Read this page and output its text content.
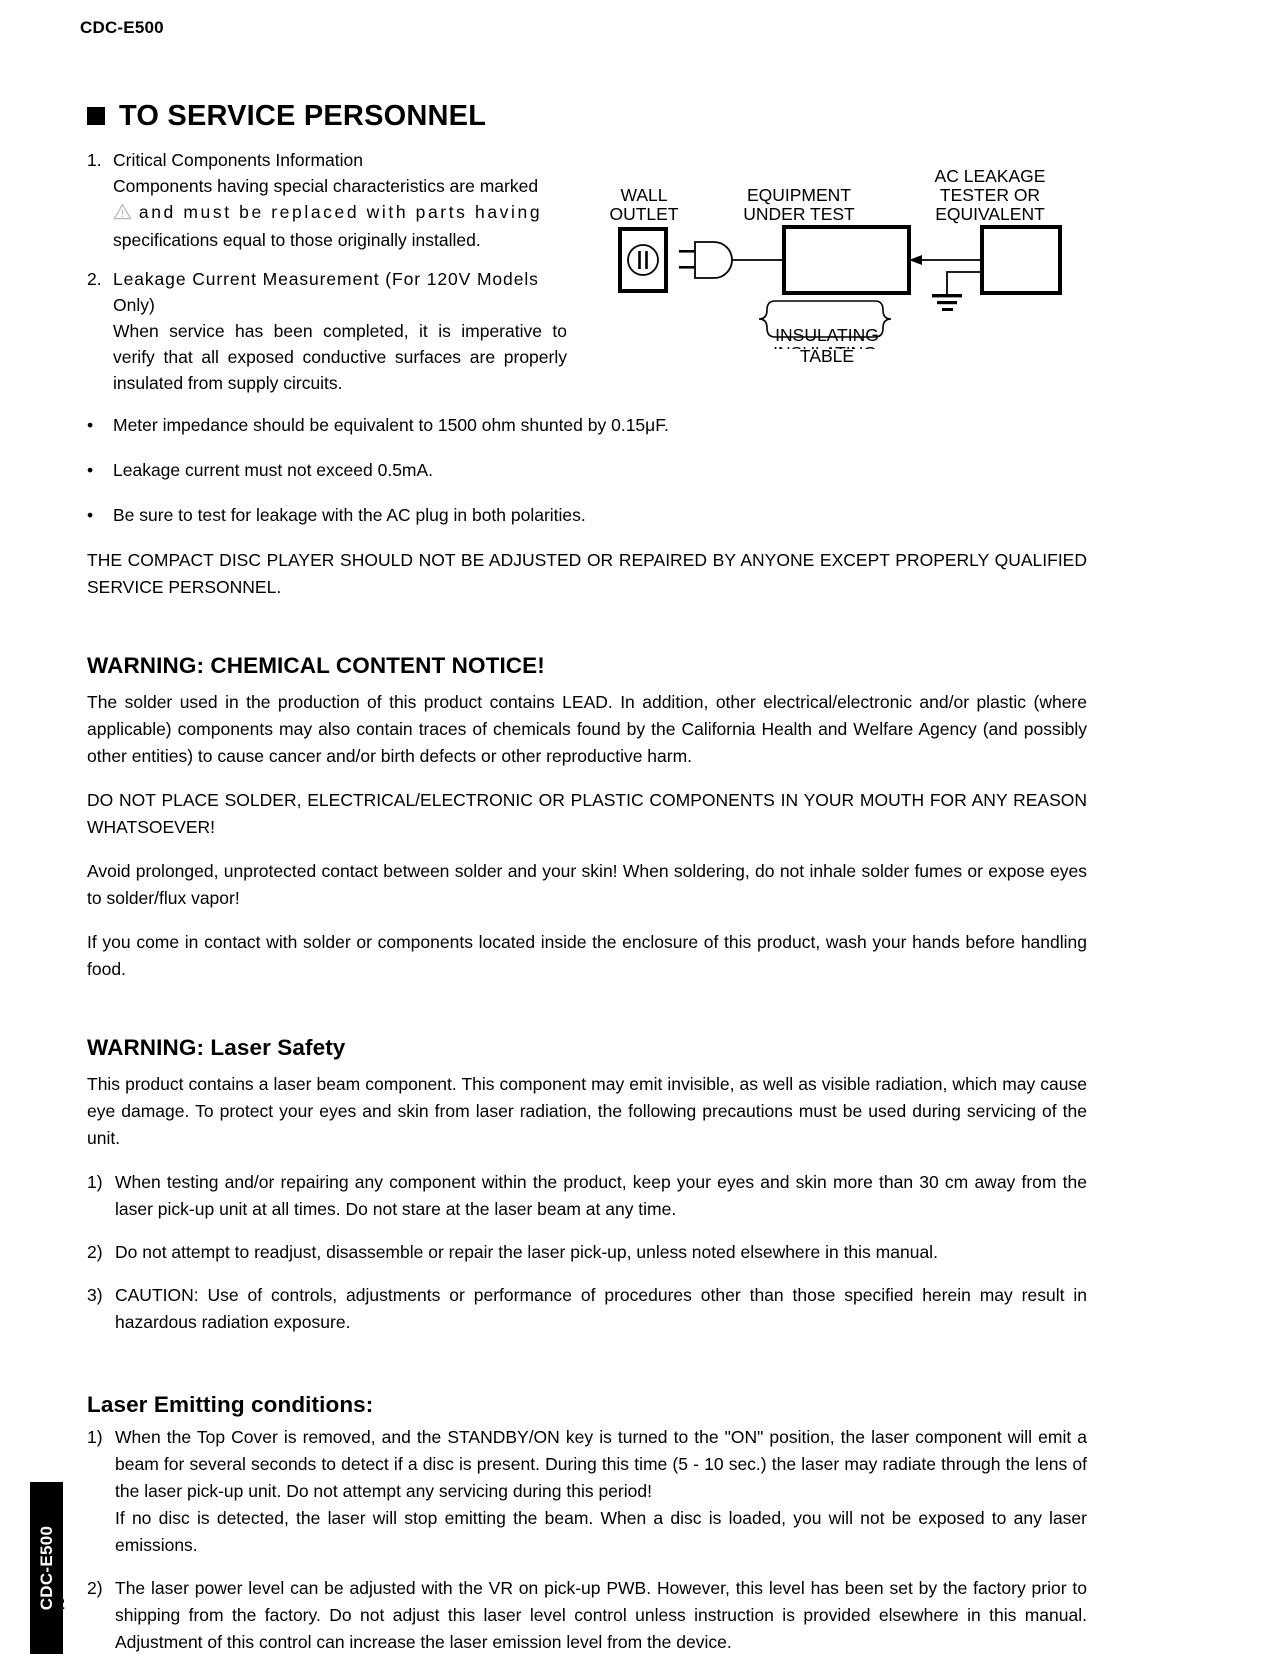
CDC-E500
TO SERVICE PERSONNEL
1. Critical Components Information
Components having special characteristics are marked
and must be replaced with parts having
specifications equal to those originally installed.
2. Leakage Current Measurement (For 120V Models
Only)

When service has been completed, it is imperative to verify that all exposed conductive surfaces are properly insulated from supply circuits.
WALL
OUTLET
EQUIPMENT
UNDER TEST
AC LEAKAGE
TESTER OR
EQUIVALENT
INSULATING
TABLE
•	Meter impedance should be equivalent to 1500 ohm shunted by 0.15μF.
•	Leakage current must not exceed 0.5mA.
•	Be sure to test for leakage with the AC plug in both polarities.

THE COMPACT DISC PLAYER SHOULD NOT BE ADJUSTED OR REPAIRED BY ANYONE EXCEPT PROPERLY QUALIFIED SERVICE PERSONNEL.

WARNING: CHEMICAL CONTENT NOTICE!

The solder used in the production of this product contains LEAD. In addition, other electrical/electronic and/or plastic (where applicable) components may also contain traces of chemicals found by the California Health and Welfare Agency (and possibly other entities) to cause cancer and/or birth defects or other reproductive harm.

DO NOT PLACE SOLDER, ELECTRICAL/ELECTRONIC OR PLASTIC COMPONENTS IN YOUR MOUTH FOR ANY REASON WHATSOEVER!

Avoid prolonged, unprotected contact between solder and your skin! When soldering, do not inhale solder fumes or expose eyes to solder/flux vapor!

If you come in contact with solder or components located inside the enclosure of this product, wash your hands before handling food.

WARNING: Laser Safety

This product contains a laser beam component. This component may emit invisible, as well as visible radiation, which may cause eye damage. To protect your eyes and skin from laser radiation, the following precautions must be used during servicing of the unit.

1) When testing and/or repairing any component within the product, keep your eyes and skin more than 30 cm away from the laser pick-up unit at all times. Do not stare at the laser beam at any time.
2) Do not attempt to readjust, disassemble or repair the laser pick-up, unless noted elsewhere in this manual.
3) CAUTION: Use of controls, adjustments or performance of procedures other than those specified herein may result in hazardous radiation exposure.
Laser Emitting conditions:
1) When the Top Cover is removed, and the STANDBY/ON key is turned to the "ON" position, the laser component will emit a beam for several seconds to detect if a disc is present. During this time (5 - 10 sec.) the laser may radiate through the lens of the laser pick-up unit. Do not attempt any servicing during this period!
If no disc is detected, the laser will stop emitting the beam. When a disc is loaded, you will not be exposed to any laser emissions.
2) The laser power level can be adjusted with the VR on pick-up PWB. However, this level has been set by the factory prior to shipping from the factory. Do not adjust this laser level control unless instruction is provided elsewhere in this manual. Adjustment of this control can increase the laser emission level from the device.
CDC-E500 2
